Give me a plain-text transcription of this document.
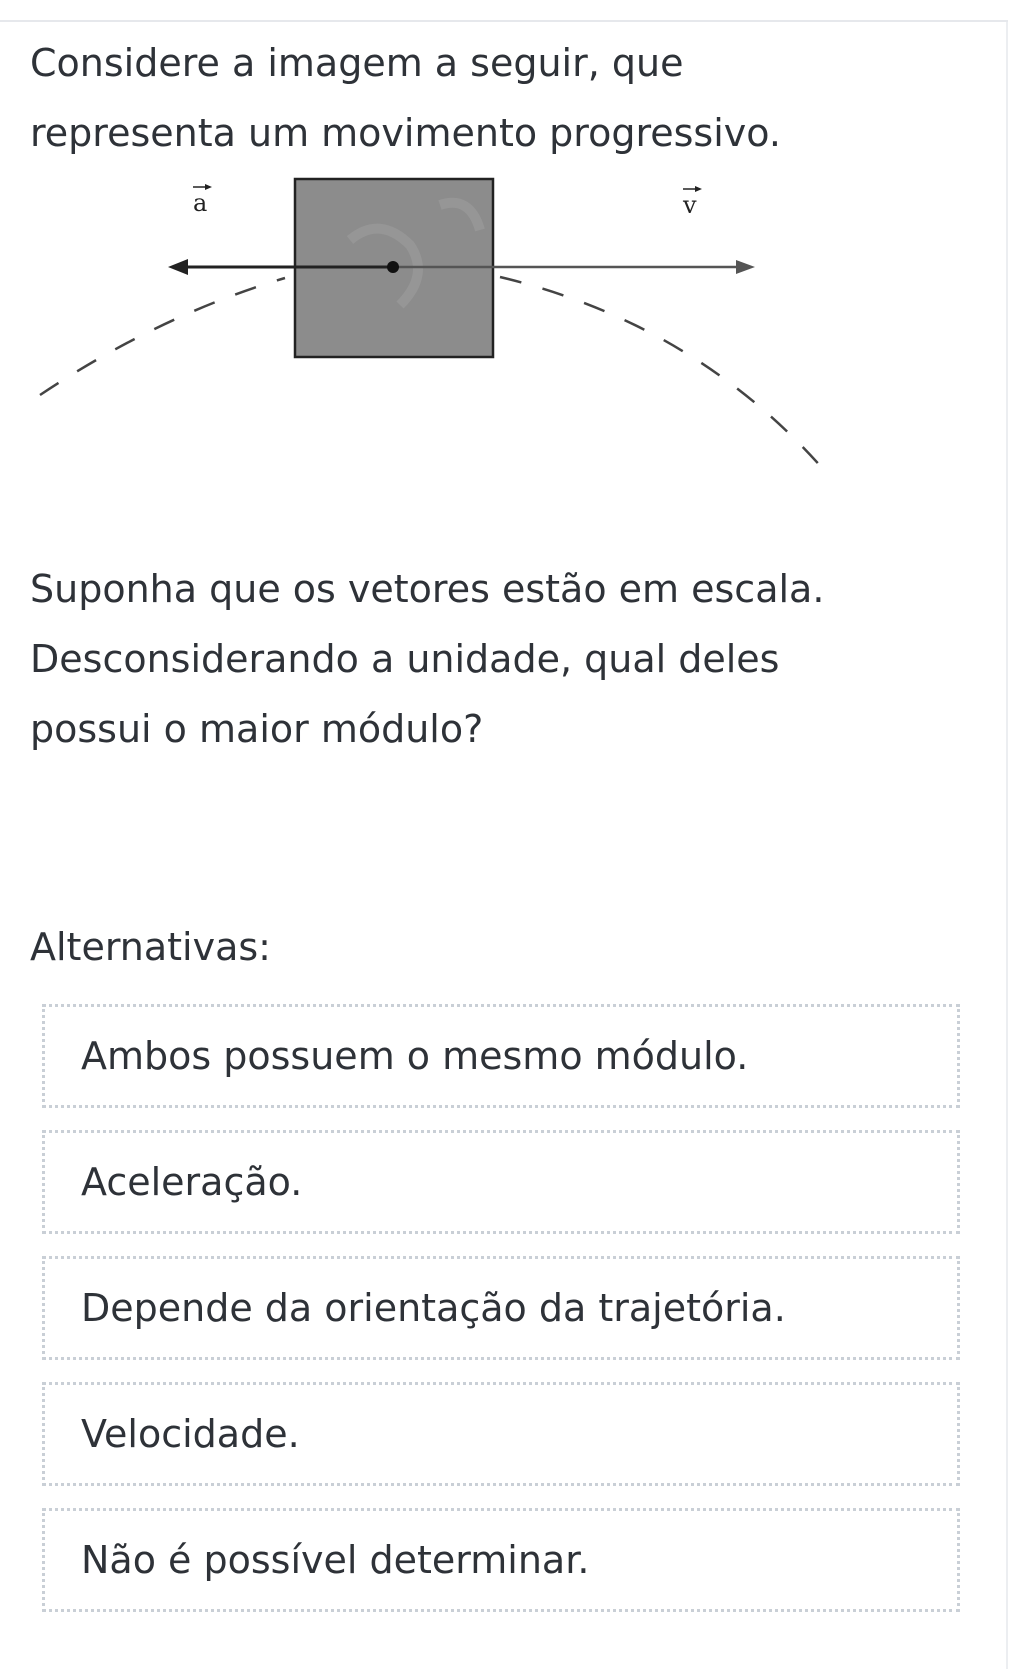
Considere a imagem a seguir, que
representa um movimento progressivo.
a	v
Suponha que os vetores estão em escala.
Desconsiderando a unidade, qual deles
possui o maior módulo?
Alternativas:
Ambos possuem o mesmo módulo.
Aceleração.
Depende da orientação da trajetória.
Velocidade.
Não é possível determinar.
